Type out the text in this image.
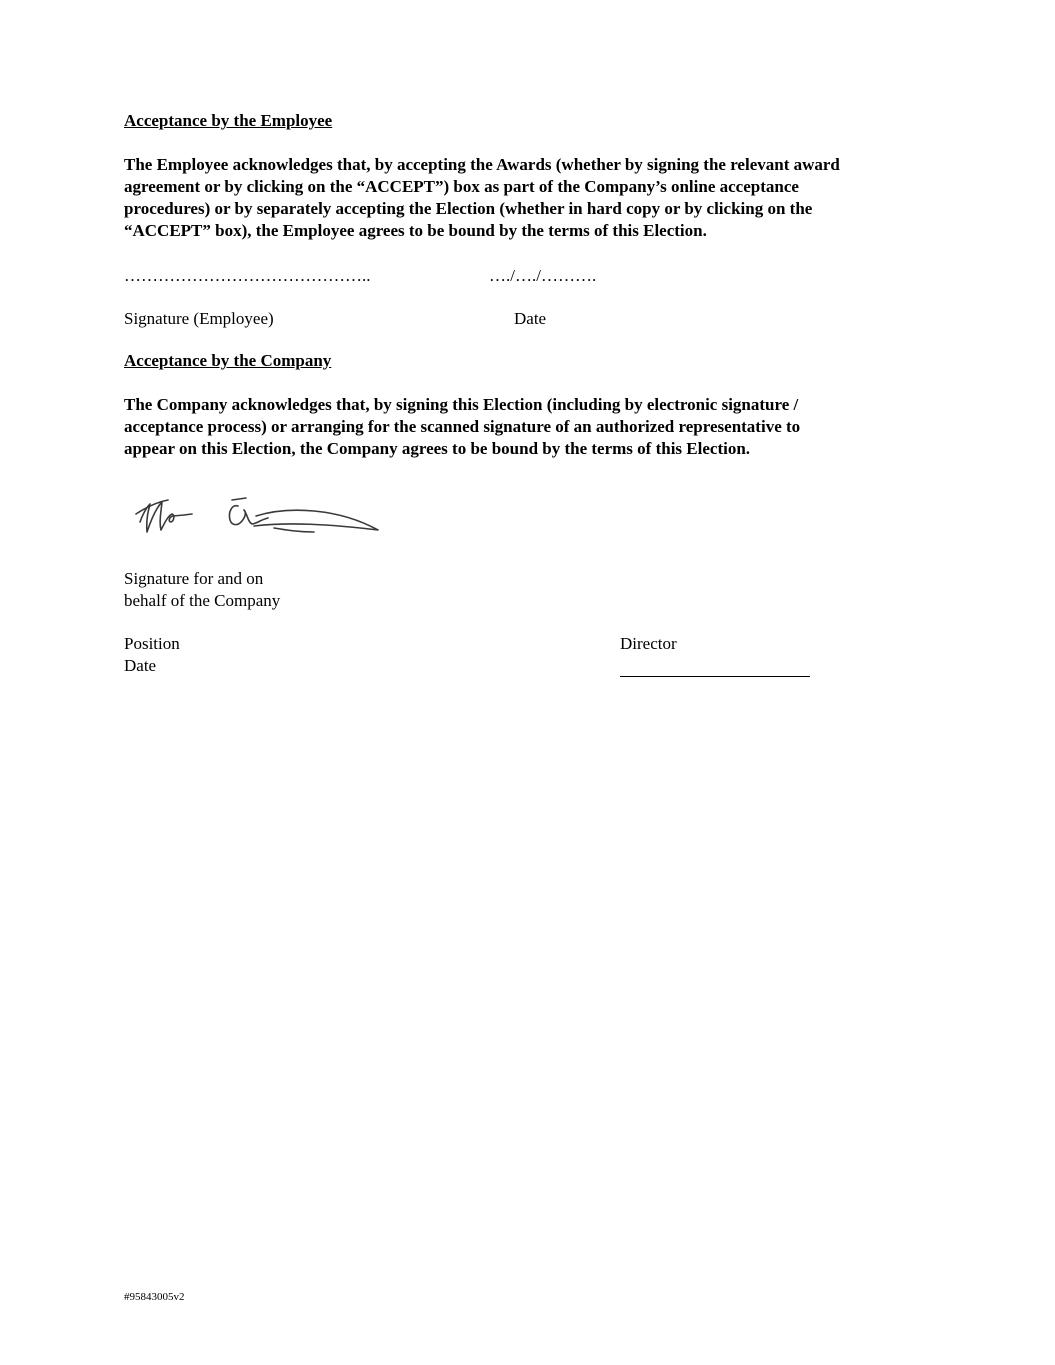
Acceptance by the Employee
The Employee acknowledges that, by accepting the Awards (whether by signing the relevant award
agreement or by clicking on the “ACCEPT”) box as part of the Company’s online acceptance
procedures) or by separately accepting the Election (whether in hard copy or by clicking on the
“ACCEPT” box), the Employee agrees to be bound by the terms of this Election.
……………………………………..	…./…./……….
Signature (Employee)	Date
Acceptance by the Company
The Company acknowledges that, by signing this Election (including by electronic signature /
acceptance process) or arranging for the scanned signature of an authorized representative to
appear on this Election, the Company agrees to be bound by the terms of this Election.
Signature for and on
behalf of the Company
Position	Director
Date
#95843005v2
